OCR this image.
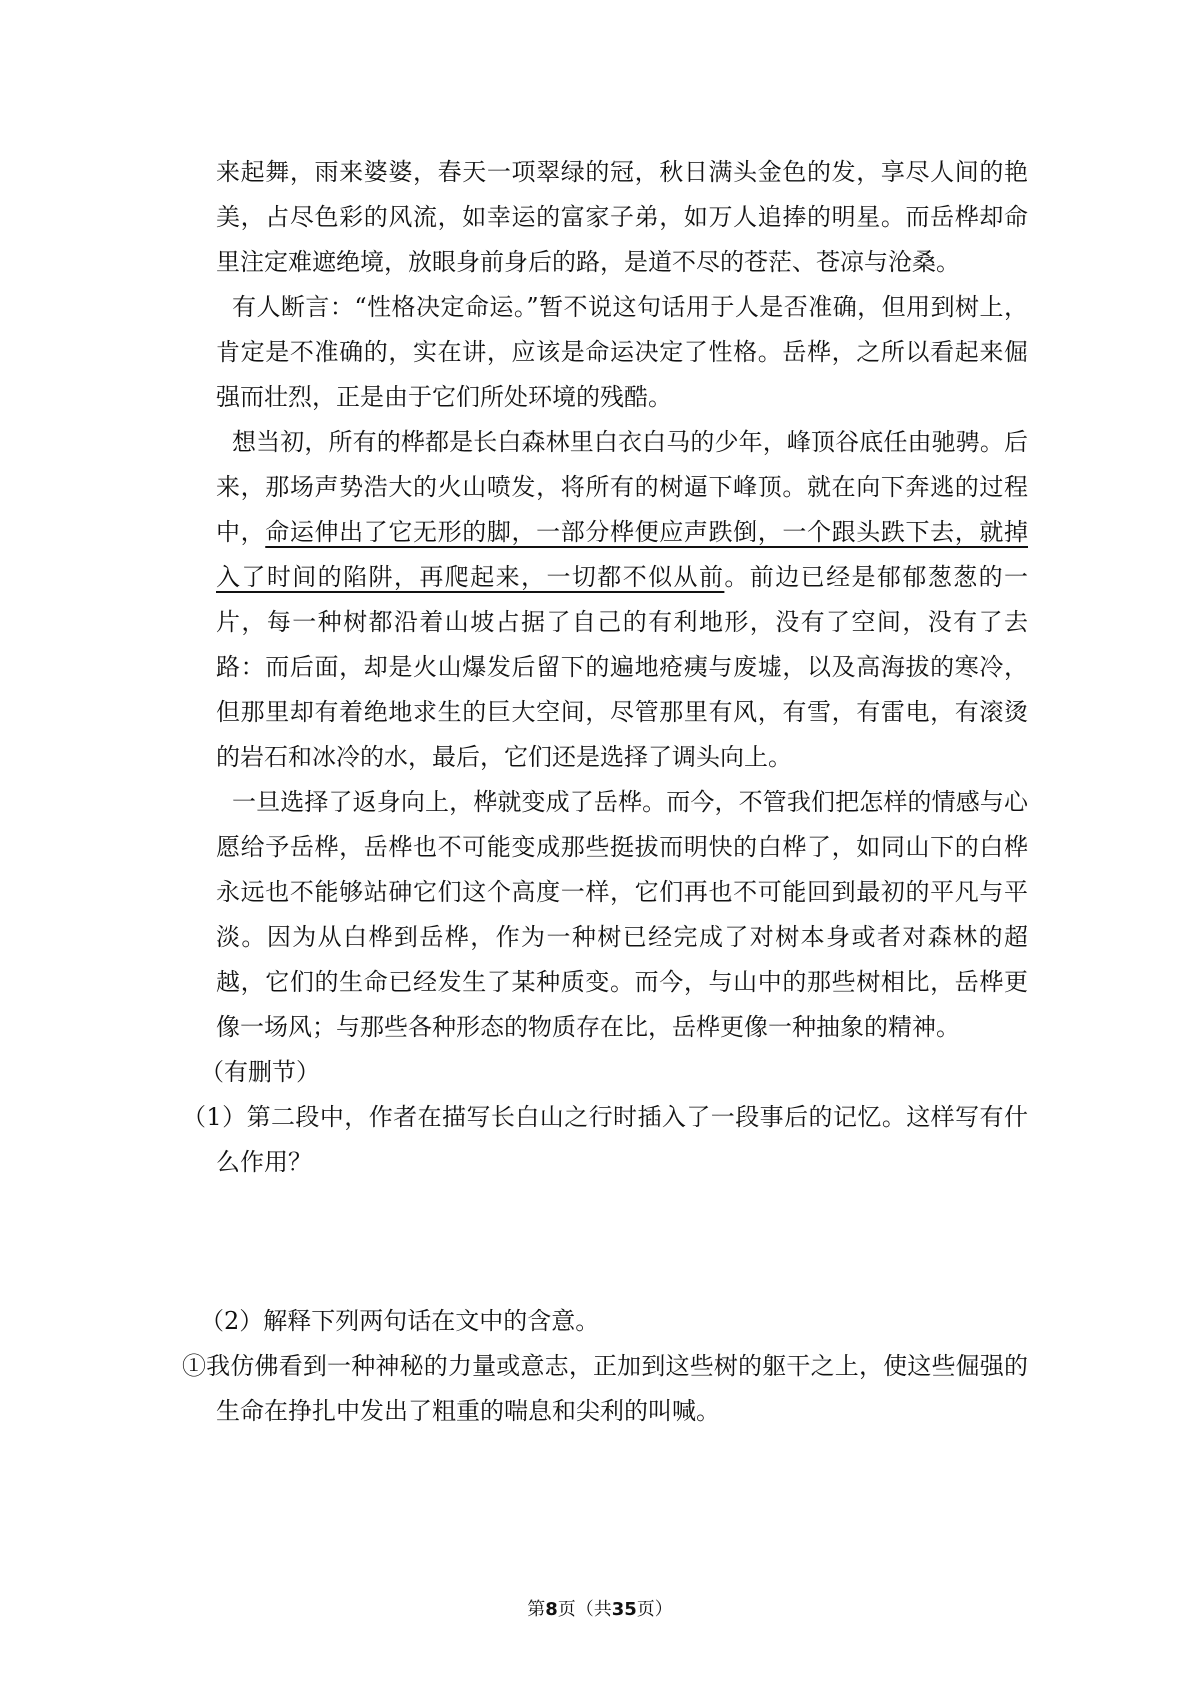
来起舞，雨来婆婆，春天一项翠绿的冠，秋日满头金色的发，享尽人间的艳美，占尽色彩的风流，如幸运的富家子弟，如万人追捧的明星。而岳桦却命里注定难遮绝境，放眼身前身后的路，是道不尽的苍茫、苍凉与沧桑。

有人断言：“性格决定命运。”暂不说这句话用于人是否准确，但用到树上，肯定是不准确的，实在讲，应该是命运决定了性格。岳桦，之所以看起来倔强而壮烈，正是由于它们所处环境的残酷。

想当初，所有的桦都是长白森林里白衣白马的少年，峰顶谷底任由驰骋。后来，那场声势浩大的火山喷发，将所有的树逼下峰顶。就在向下奔逃的过程中，命运伸出了它无形的脚，一部分桦便应声跌倒，一个跟头跌下去，就掉入了时间的陷阱，再爬起来，一切都不似从前。前边已经是郁郁葱葱的一片，每一种树都沿着山坡占据了自己的有利地形，没有了空间，没有了去路：而后面，却是火山爆发后留下的遍地疮痍与废墟，以及高海拔的寒冷，但那里却有着绝地求生的巨大空间，尽管那里有风，有雪，有雷电，有滚烫的岩石和冰冷的水，最后，它们还是选择了调头向上。

一旦选择了返身向上，桦就变成了岳桦。而今，不管我们把怎样的情感与心愿给予岳桦，岳桦也不可能变成那些挺拔而明快的白桦了，如同山下的白桦永远也不能够站砷它们这个高度一样，它们再也不可能回到最初的平凡与平淡。因为从白桦到岳桦，作为一种树已经完成了对树本身或者对森林的超越，它们的生命已经发生了某种质变。而今，与山中的那些树相比，岳桦更像一场风；与那些各种形态的物质存在比，岳桦更像一种抽象的精神。

（有删节）

（1）第二段中，作者在描写长白山之行时插入了一段事后的记忆。这样写有什么作用？

（2）解释下列两句话在文中的含意。

①我仿佛看到一种神秘的力量或意志，正加到这些树的躯干之上，使这些倔强的生命在挣扎中发出了粗重的喘息和尖利的叫喊。

第8页（共35页）
